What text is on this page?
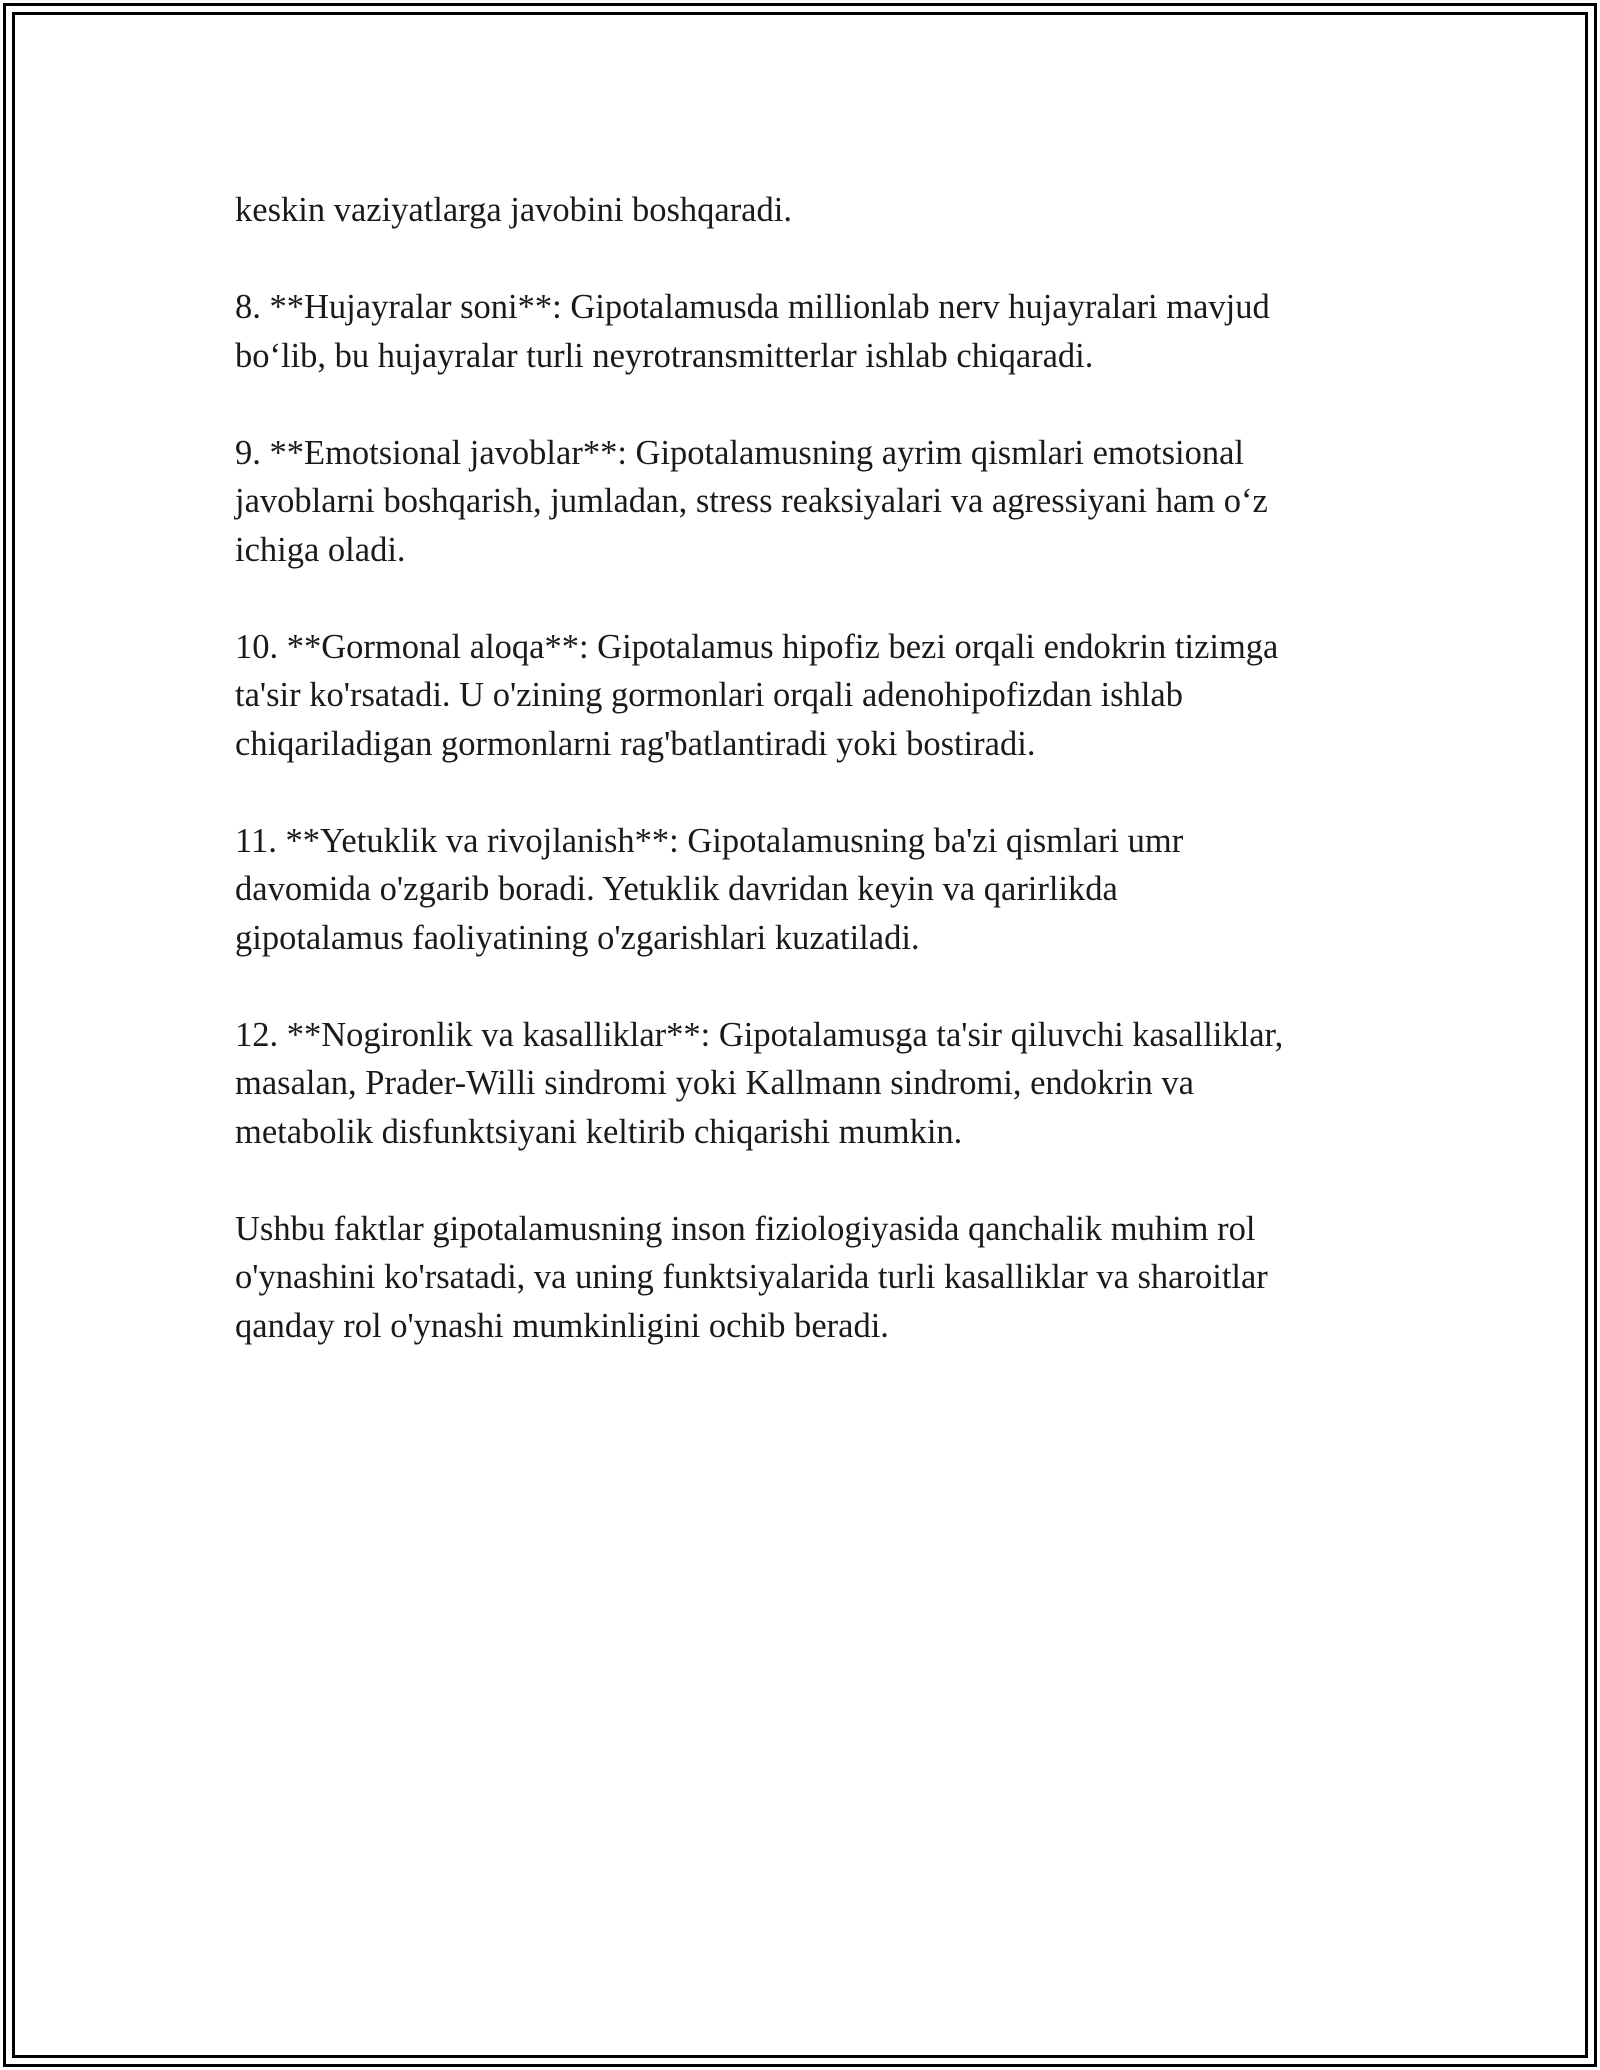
keskin vaziyatlarga javobini boshqaradi.

8. **Hujayralar soni**: Gipotalamusda millionlab nerv hujayralari mavjud
bo‘lib, bu hujayralar turli neyrotransmitterlar ishlab chiqaradi.

9. **Emotsional javoblar**: Gipotalamusning ayrim qismlari emotsional
javoblarni boshqarish, jumladan, stress reaksiyalari va agressiyani ham o‘z
ichiga oladi.

10. **Gormonal aloqa**: Gipotalamus hipofiz bezi orqali endokrin tizimga
ta'sir ko'rsatadi. U o'zining gormonlari orqali adenohipofizdan ishlab
chiqariladigan gormonlarni rag'batlantiradi yoki bostiradi.

11. **Yetuklik va rivojlanish**: Gipotalamusning ba'zi qismlari umr
davomida o'zgarib boradi. Yetuklik davridan keyin va qarirlikda
gipotalamus faoliyatining o'zgarishlari kuzatiladi.

12. **Nogironlik va kasalliklar**: Gipotalamusga ta'sir qiluvchi kasalliklar,
masalan, Prader-Willi sindromi yoki Kallmann sindromi, endokrin va
metabolik disfunktsiyani keltirib chiqarishi mumkin.

Ushbu faktlar gipotalamusning inson fiziologiyasida qanchalik muhim rol
o'ynashini ko'rsatadi, va uning funktsiyalarida turli kasalliklar va sharoitlar
qanday rol o'ynashi mumkinligini ochib beradi.
